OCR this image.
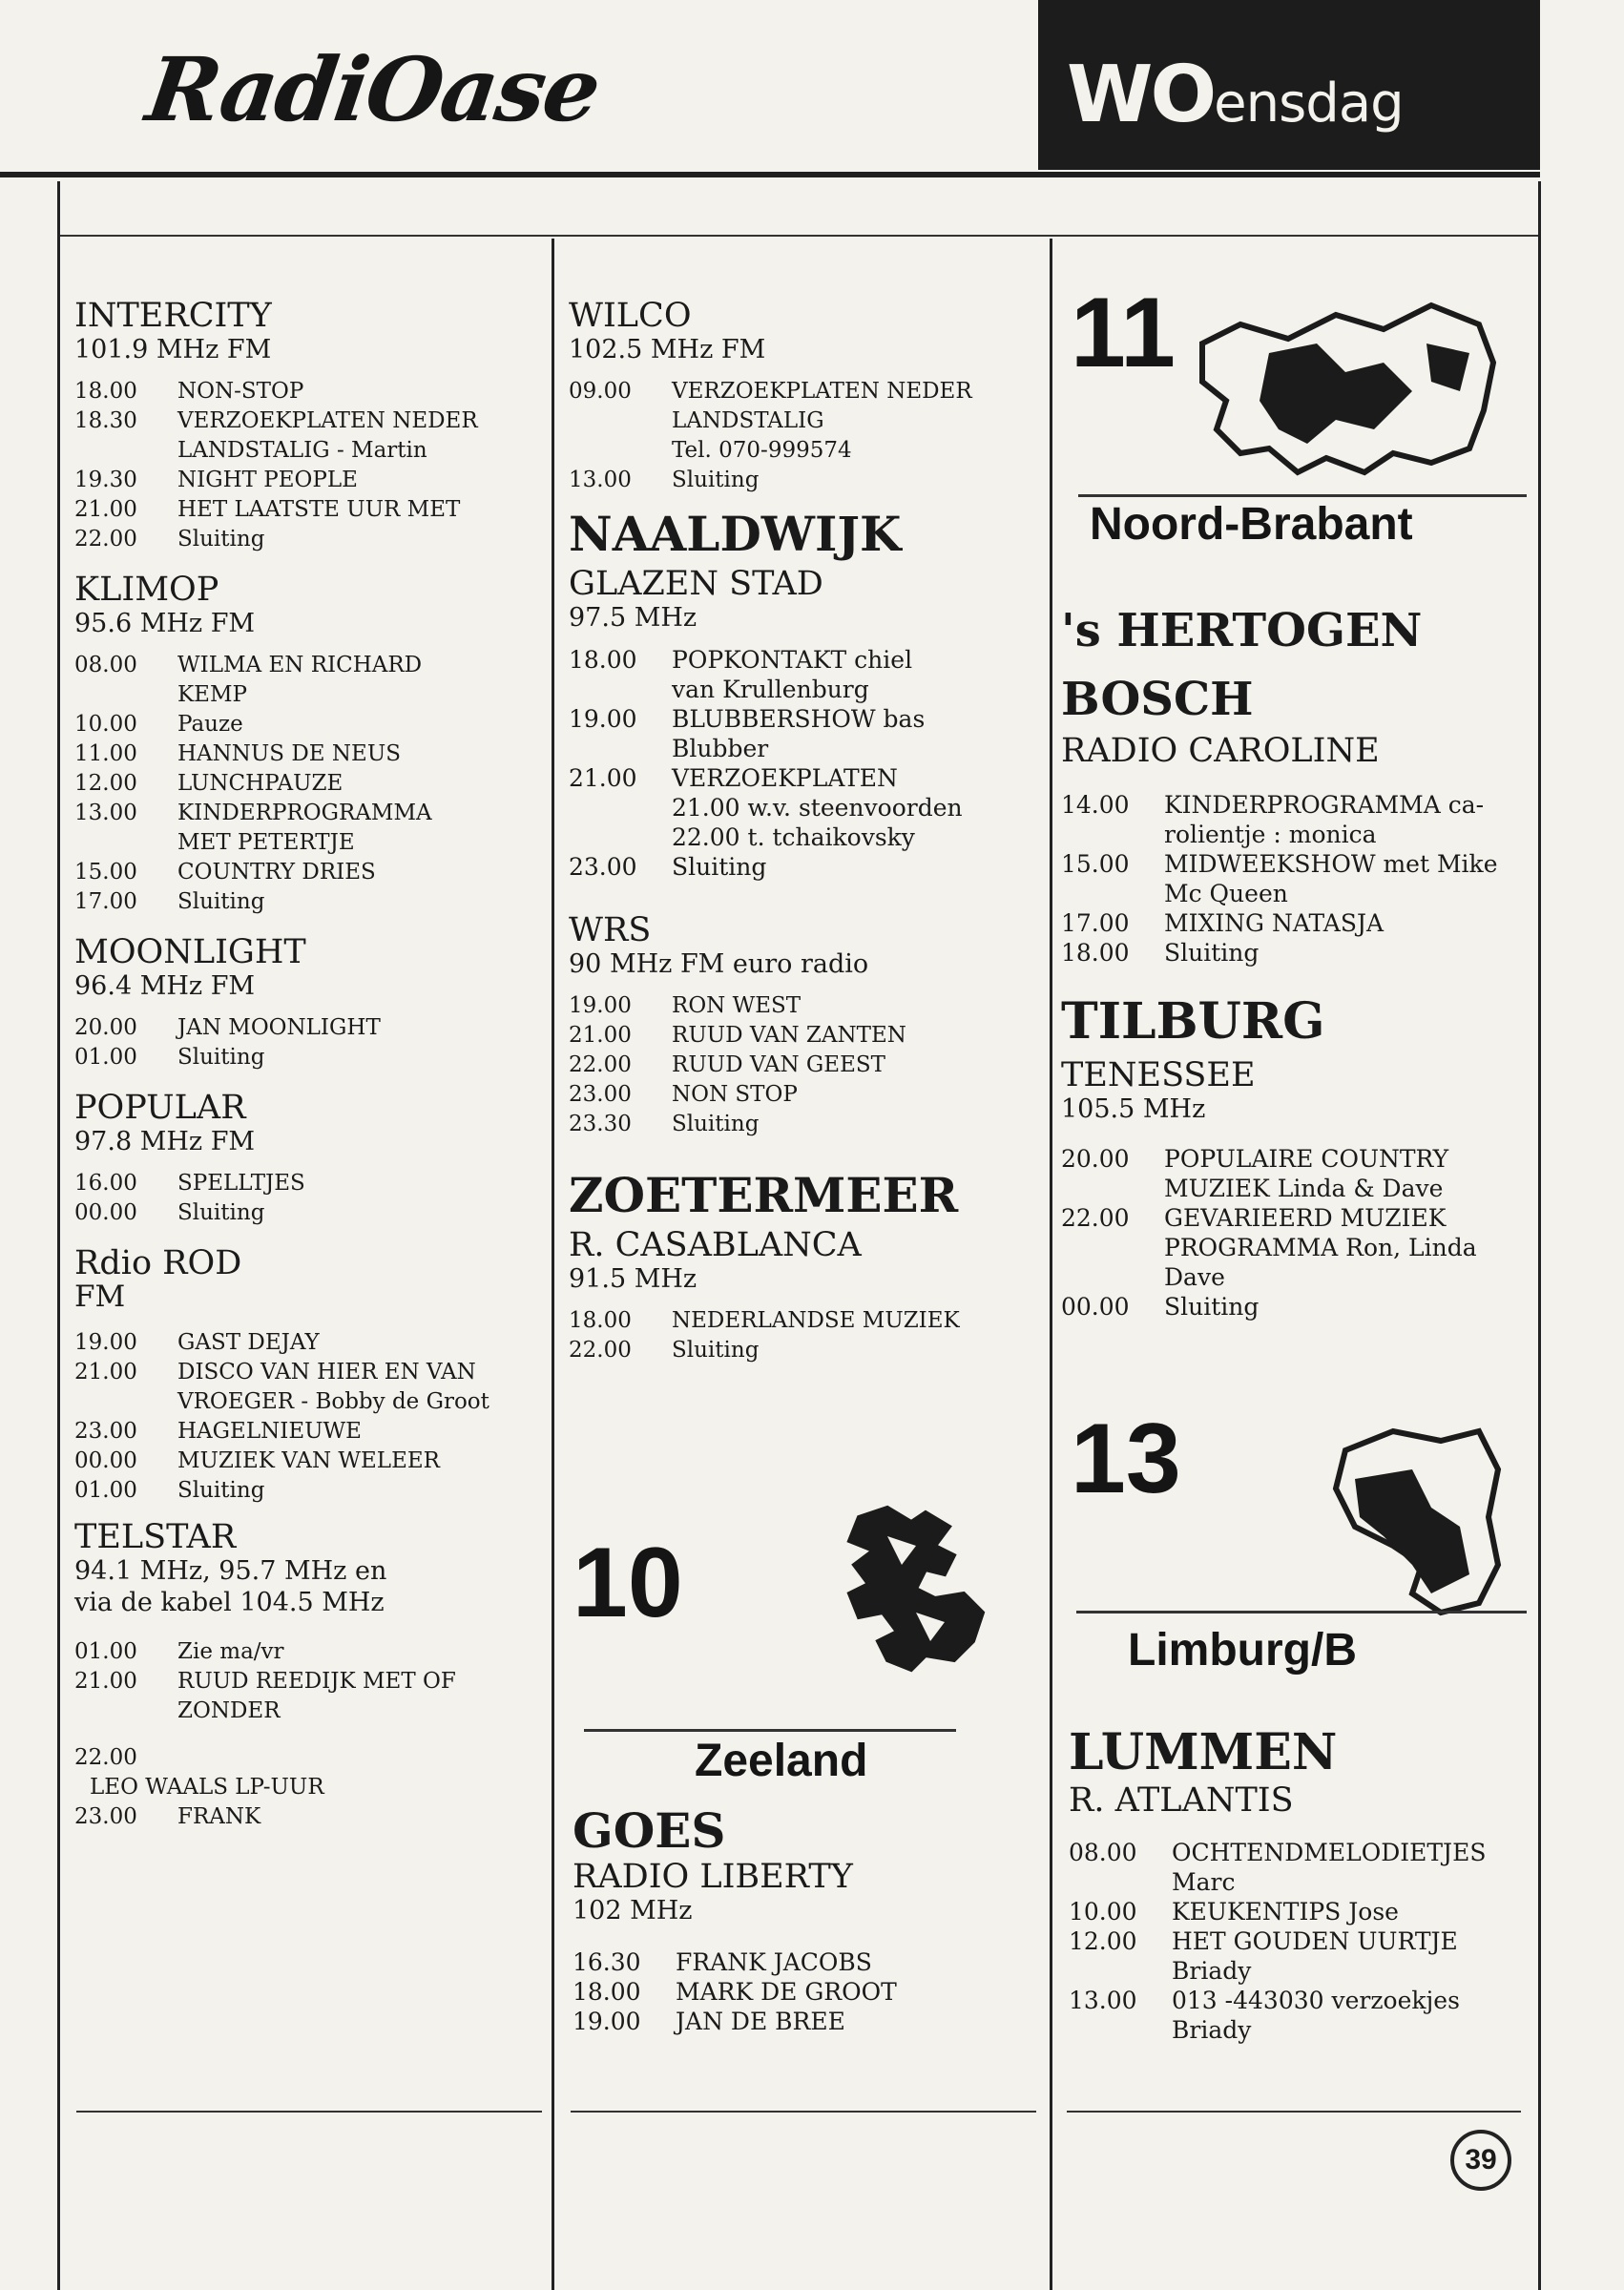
RadiOase	WOensdag

INTERCITY

101.9 MHz FM

18.00	NON-STOP
18.30	VERZOEKPLATEN NEDER
LANDSTALIG - Martin
19.30	NIGHT PEOPLE
21.00	HET LAATSTE UUR MET
22.00	Sluiting

KLIMOP

95.6 MHz FM

08.00	WILMA EN RICHARD
KEMP
10.00	Pauze
11.00	HANNUS DE NEUS
12.00	LUNCHPAUZE
13.00	KINDERPROGRAMMA
MET PETERTJE
15.00	COUNTRY DRIES
17.00	Sluiting

MOONLIGHT

96.4 MHz FM

20.00	JAN MOONLIGHT
01.00	Sluiting

POPULAR

97.8 MHz FM

16.00	SPELLTJES
00.00	Sluiting

Rdio ROD

FM

19.00	GAST DEJAY
21.00	DISCO VAN HIER EN VAN
VROEGER - Bobby de Groot
23.00	HAGELNIEUWE
00.00	MUZIEK VAN WELEER
01.00	Sluiting

TELSTAR

94.1 MHz, 95.7 MHz en

via de kabel 104.5 MHz

01.00	Zie ma/vr
21.00	RUUD REEDIJK MET OF
ZONDER
22.00
LEO WAALS LP-UUR
23.00	FRANK

WILCO

102.5 MHz FM

09.00	VERZOEKPLATEN NEDER
LANDSTALIG
Tel. 070-999574
13.00	Sluiting
NAALDWIJK

GLAZEN STAD

97.5 MHz

18.00	POPKONTAKT chiel
van Krullenburg
19.00	BLUBBERSHOW bas
Blubber
21.00	VERZOEKPLATEN
21.00 w.v. steenvoorden
22.00 t. tchaikovsky
23.00	Sluiting

WRS

90 MHz FM euro radio

19.00	RON WEST
21.00	RUUD VAN ZANTEN
22.00	RUUD VAN GEEST
23.00	NON STOP
23.30	Sluiting
ZOETERMEER

R. CASABLANCA

91.5 MHz

18.00	NEDERLANDSE MUZIEK
22.00	Sluiting
10
Zeeland
GOES

RADIO LIBERTY

102 MHz

16.30	FRANK JACOBS
18.00	MARK DE GROOT
19.00	JAN DE BREE
11
Noord-Brabant
's HERTOGEN
BOSCH

RADIO CAROLINE

14.00	KINDERPROGRAMMA ca-
rolientje : monica
15.00	MIDWEEKSHOW met Mike
Mc Queen
17.00	MIXING NATASJA
18.00	Sluiting
TILBURG

TENESSEE

105.5 MHz

20.00	POPULAIRE COUNTRY
MUZIEK Linda & Dave
22.00	GEVARIEERD MUZIEK
PROGRAMMA Ron, Linda
Dave
00.00	Sluiting
13
Limburg/B
LUMMEN

R. ATLANTIS

08.00	OCHTENDMELODIETJES
Marc
10.00	KEUKENTIPS Jose
12.00	HET GOUDEN UURTJE
Briady
13.00	013 -443030 verzoekjes
Briady
39
